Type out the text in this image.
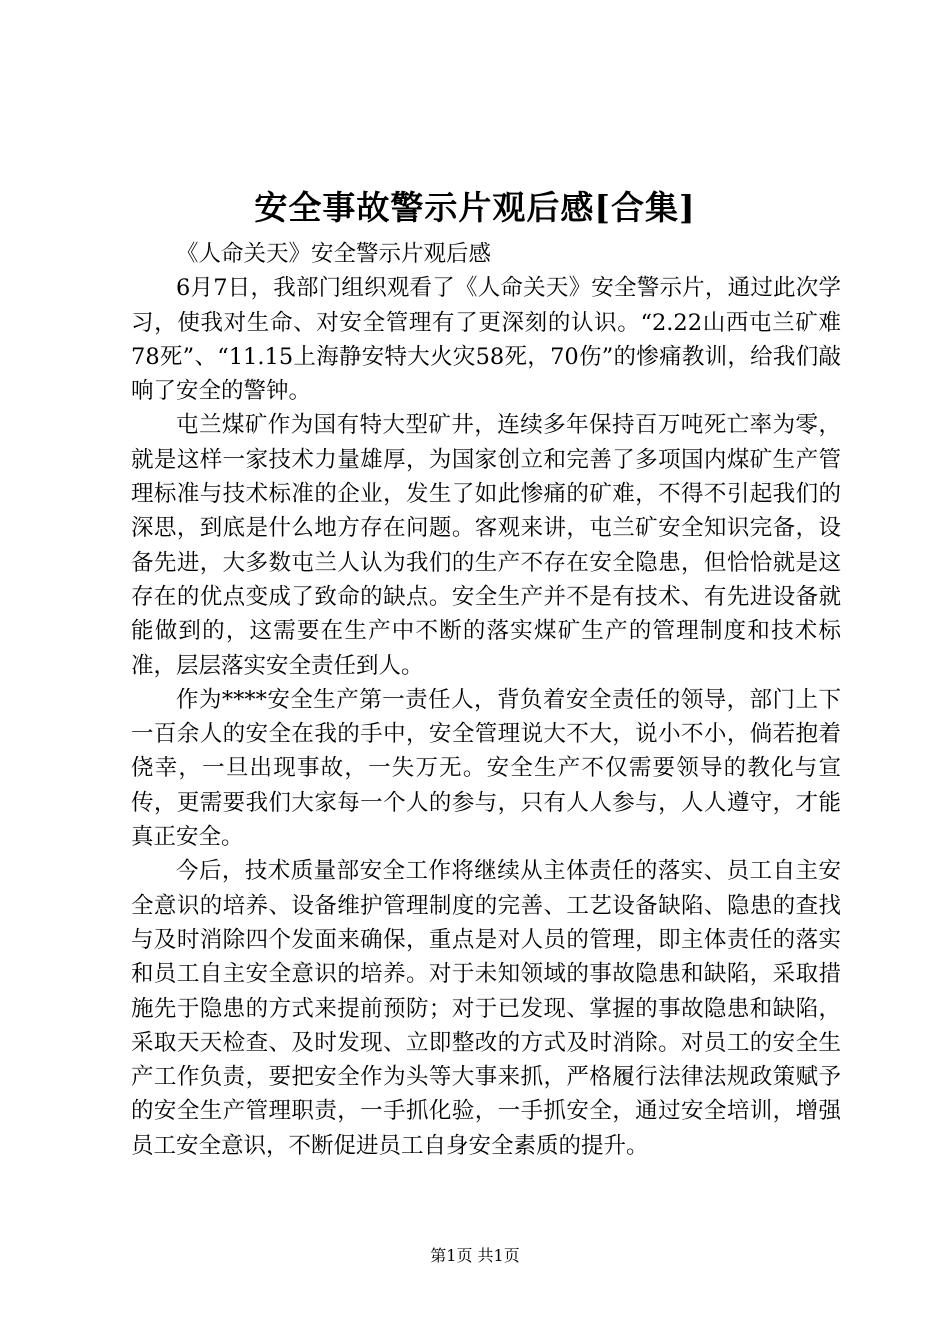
安全事故警示片观后感[合集]

《人命关天》安全警示片观后感

6月7日，我部门组织观看了《人命关天》安全警示片，通过此次学习，使我对生命、对安全管理有了更深刻的认识。“2.22山西屯兰矿难78死”、“11.15上海静安特大火灾58死，70伤”的惨痛教训，给我们敲响了安全的警钟。

屯兰煤矿作为国有特大型矿井，连续多年保持百万吨死亡率为零，就是这样一家技术力量雄厚，为国家创立和完善了多项国内煤矿生产管理标准与技术标准的企业，发生了如此惨痛的矿难，不得不引起我们的深思，到底是什么地方存在问题。客观来讲，屯兰矿安全知识完备，设备先进，大多数屯兰人认为我们的生产不存在安全隐患，但恰恰就是这存在的优点变成了致命的缺点。安全生产并不是有技术、有先进设备就能做到的，这需要在生产中不断的落实煤矿生产的管理制度和技术标准，层层落实安全责任到人。

作为****安全生产第一责任人，背负着安全责任的领导，部门上下一百余人的安全在我的手中，安全管理说大不大，说小不小，倘若抱着侥幸，一旦出现事故，一失万无。安全生产不仅需要领导的教化与宣传，更需要我们大家每一个人的参与，只有人人参与，人人遵守，才能真正安全。

今后，技术质量部安全工作将继续从主体责任的落实、员工自主安全意识的培养、设备维护管理制度的完善、工艺设备缺陷、隐患的查找与及时消除四个发面来确保，重点是对人员的管理，即主体责任的落实和员工自主安全意识的培养。对于未知领域的事故隐患和缺陷，采取措施先于隐患的方式来提前预防；对于已发现、掌握的事故隐患和缺陷，采取天天检查、及时发现、立即整改的方式及时消除。对员工的安全生产工作负责，要把安全作为头等大事来抓，严格履行法律法规政策赋予的安全生产管理职责，一手抓化验，一手抓安全，通过安全培训，增强员工安全意识，不断促进员工自身安全素质的提升。

第1页 共1页
